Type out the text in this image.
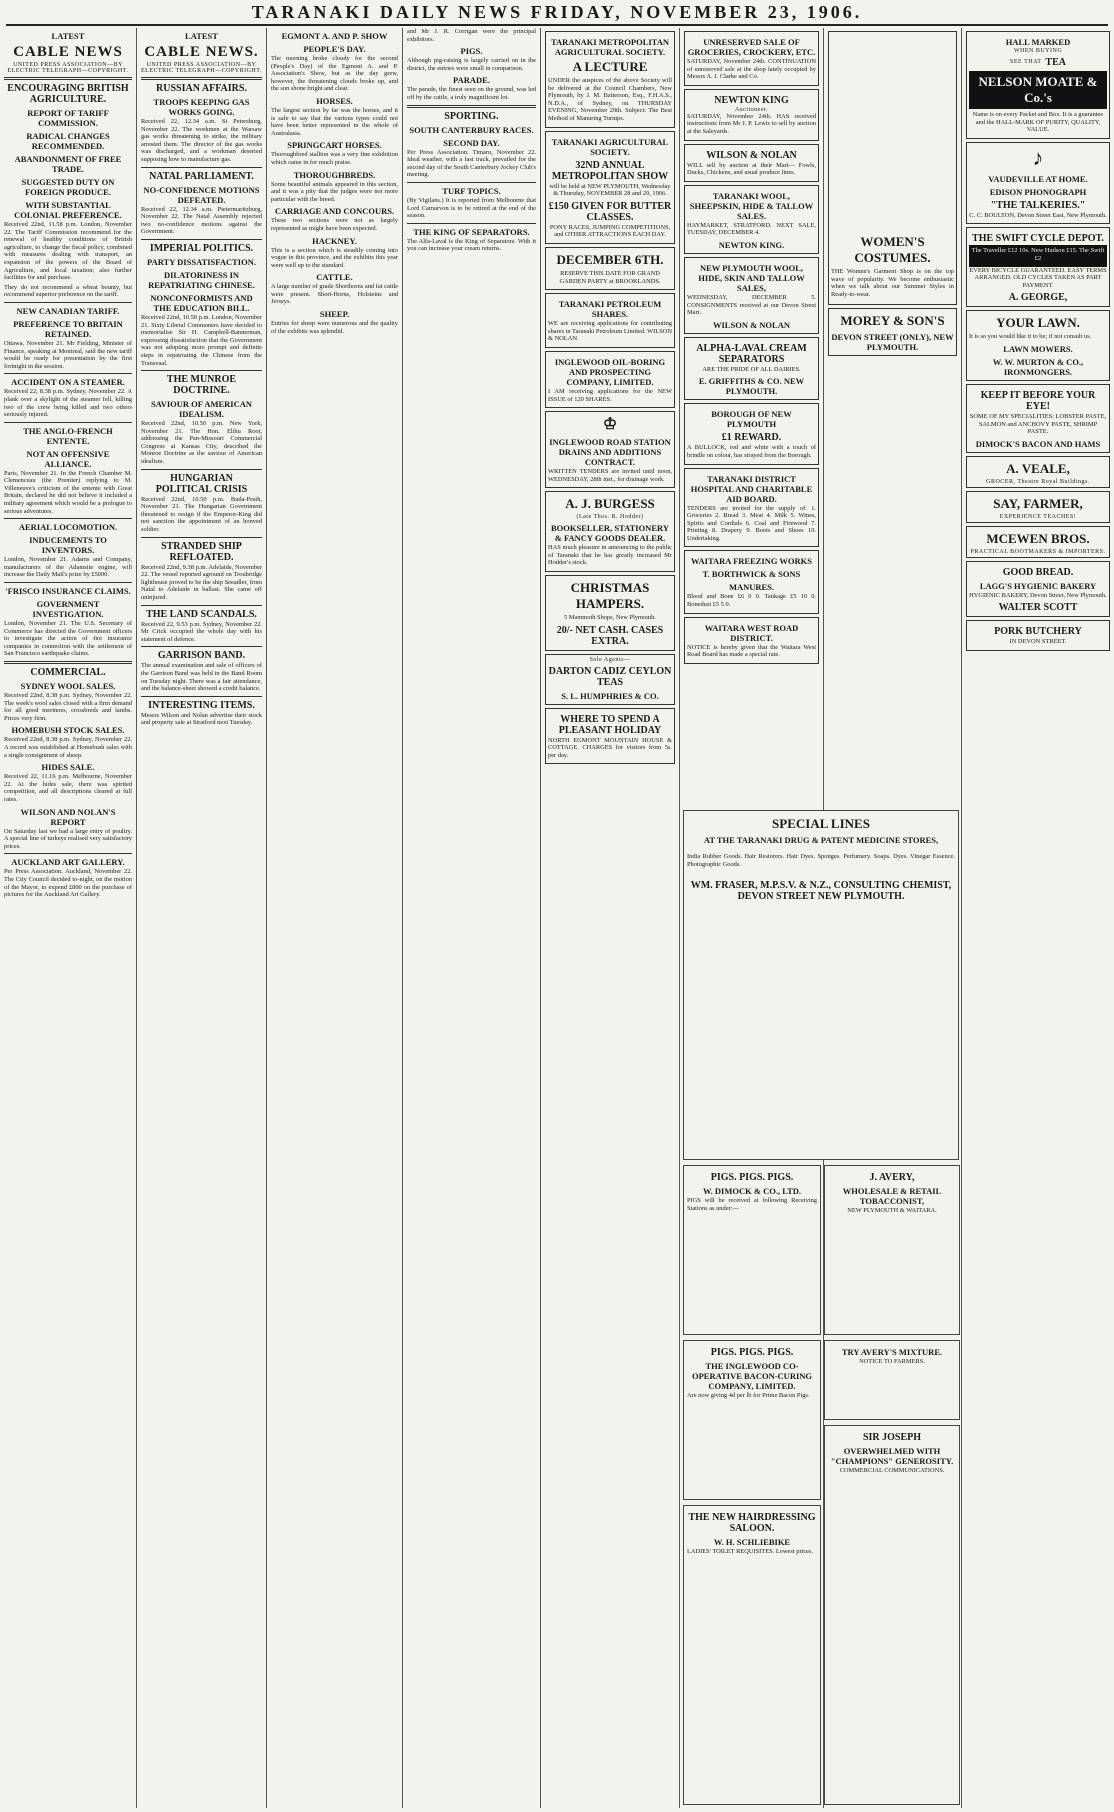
TARANAKI DAILY NEWS FRIDAY, NOVEMBER 23, 1906.
LATEST
CABLE NEWS
UNITED PRESS ASSOCIATION—BY ELECTRIC TELEGRAPH—COPYRIGHT.
ENCOURAGING BRITISH AGRICULTURE.
REPORT OF TARIFF COMMISSION.
RADICAL CHANGES RECOMMENDED.
ABANDONMENT OF FREE TRADE.
SUGGESTED DUTY ON FOREIGN PRODUCE.
WITH SUBSTANTIAL COLONIAL PREFERENCE.

Received 22nd, 11.58 p.m. London, November 22. The Tariff Commission recommend for the renewal of healthy conditions of British agriculture, to change the fiscal policy, combined with measures dealing with transport, an expansion of the powers of the Board of Agriculture, and local taxation; also further facilities for and purchase.

They do not recommend a wheat bounty, but recommend superior preference on the tariff.

NEW CANADIAN TARIFF.
PREFERENCE TO BRITAIN RETAINED.

Ottawa, November 21. Mr Fielding, Minister of Finance, speaking at Montreal, said the new tariff would be ready for presentation by the first fortnight in the session.

ACCIDENT ON A STEAMER.

Received 22, 8.38 p.m. Sydney, November 22. A plank over a skylight of the steamer fell, killing two of the crew being killed and two others seriously injured.

THE ANGLO-FRENCH ENTENTE.
NOT AN OFFENSIVE ALLIANCE.

Paris, November 21. In the French Chamber M. Clemenceau (the Premier) replying to M. Villeneuve's criticism of the entente with Great Britain, declared he did not believe it included a military agreement which would be a prologue to serious adventures.

AERIAL LOCOMOTION.
INDUCEMENTS TO INVENTORS.

London, November 21. Adams and Company, manufacturers of the Adamsite engine, will increase the Daily Mail's prize by £5000.

'FRISCO INSURANCE CLAIMS.
GOVERNMENT INVESTIGATION.

London, November 21. The U.S. Secretary of Commerce has directed the Government officers to investigate the action of fire insurance companies in connection with the settlement of San Francisco earthquake claims.

COMMERCIAL.
SYDNEY WOOL SALES.

Received 22nd, 8.38 p.m. Sydney, November 22. The week's wool sales closed with a firm demand for all good merinoes, crossbreds and lambs. Prices very firm.

HOMEBUSH STOCK SALES.

Received 22nd, 8.38 p.m. Sydney, November 22. A record was established at Homebush sales with a single consignment of sheep.

HIDES SALE.

Received 22, 11.16 p.m. Melbourne, November 22. At the hides sale, there was spirited competition, and all descriptions cleared at full rates.

WILSON AND NOLAN'S REPORT

On Saturday last we had a large entry of poultry. A special line of turkeys realised very satisfactory prices.

AUCKLAND ART GALLERY.

Per Press Association. Auckland, November 22. The City Council decided to-night, on the motion of the Mayor, to expend £800 on the purchase of pictures for the Auckland Art Gallery.

LATEST
CABLE NEWS.
UNITED PRESS ASSOCIATION—BY ELECTRIC TELEGRAPH—COPYRIGHT.
RUSSIAN AFFAIRS.
TROOPS KEEPING GAS WORKS GOING.

Received 22, 12.34 a.m. St Petersburg, November 22. The workmen at the Warsaw gas works threatening to strike, the military arrested them. The director of the gas works was discharged, and a workman deserted supposing how to manufacture gas.

NATAL PARLIAMENT.
NO-CONFIDENCE MOTIONS DEFEATED.

Received 22, 12.34 a.m. Pietermaritzburg, November 22. The Natal Assembly rejected two no-confidence motions against the Government.

IMPERIAL POLITICS.
PARTY DISSATISFACTION.
DILATORINESS IN REPATRIATING CHINESE.
NONCONFORMISTS AND THE EDUCATION BILL.

Received 22nd, 10.50 p.m. London, November 21. Sixty Liberal Commoners have decided to memorialise Sir H. Campbell-Bannerman, expressing dissatisfaction that the Government was not adopting more prompt and definite steps in repatriating the Chinese from the Transvaal.

THE MUNROE DOCTRINE.
SAVIOUR OF AMERICAN IDEALISM.

Received 22nd, 10.50 p.m. New York, November 21. The Hon. Elihu Root, addressing the Pan-Missouri Commercial Congress at Kansas City, described the Monroe Doctrine as the saviour of American idealism.

HUNGARIAN POLITICAL CRISIS

Received 22nd, 10.50 p.m. Buda-Pesth, November 21. The Hungarian Government threatened to resign if the Emperor-King did not sanction the appointment of an honved soldier.

STRANDED SHIP REFLOATED.

Received 22nd, 9.38 p.m. Adelaide, November 22. The vessel reported aground on Troubridge lighthouse proved to be the ship Seeadler, from Natal to Adelaide in ballast. She came off uninjured.

THE LAND SCANDALS.

Received 22, 9.53 p.m. Sydney, November 22. Mr Crick occupied the whole day with his statement of defence.

GARRISON BAND.

The annual examination and sale of officers of the Garrison Band was held in the Band Room on Tuesday night. There was a fair attendance, and the balance-sheet showed a credit balance.

INTERESTING ITEMS.

Messrs Wilson and Nolan advertise their stock and property sale at Stratford next Tuesday.

EGMONT A. AND P. SHOW
PEOPLE'S DAY.

The morning broke cloudy for the second (People's Day) of the Egmont A. and P. Association's Show, but as the day grew, however, the threatening clouds broke up, and the sun shone bright and clear.

HORSES.

The largest section by far was the horses, and it is safe to say that the various types could not have been better represented in the whole of Australasia.

SPRINGCART HORSES.

Thoroughbred stallion was a very fine exhibition which came in for much praise.

THOROUGHBREDS.

Some beautiful animals appeared in this section, and it was a pity that the judges were not more particular with the breed.

CARRIAGE AND CONCOURS.

These two sections were not as largely represented as might have been expected.

HACKNEY.

This is a section which is steadily coming into vogue in this province, and the exhibits this year were well up to the standard.

CATTLE.

A large number of grade Shorthorns and fat cattle were present. Short-Horns, Holsteins and Jerseys.

SHEEP.

Entries for sheep were numerous and the quality of the exhibits was splendid.

and Mr J. R. Corrigan were the principal exhibitors.

PIGS.

Although pig-raising is largely carried on in the district, the entries were small in comparison.

PARADE.

The parade, the finest seen on the ground, was led off by the cattle, a truly magnificent lot.

SPORTING.
SOUTH CANTERBURY RACES.
SECOND DAY.

Per Press Association. Timaru, November 22. Ideal weather, with a fast track, prevailed for the second day of the South Canterbury Jockey Club's meeting.

TURF TOPICS.

(By Vigilans.) It is reported from Melbourne that Lord Carnarvon is to be retired at the end of the season.

THE KING OF SEPARATORS.

The Alfa-Laval is the King of Separators. With it you can increase your cream returns.

TARANAKI METROPOLITAN AGRICULTURAL SOCIETY.
A LECTURE

UNDER the auspices of the above Society will be delivered at the Council Chambers, New Plymouth, by J. M. Batterson, Esq., F.H.A.S., N.D.A., of Sydney, on THURSDAY EVENING, November 29th. Subject: The Best Method of Manuring Turnips.

TARANAKI AGRICULTURAL SOCIETY.
32ND ANNUAL METROPOLITAN SHOW

will be held at NEW PLYMOUTH, Wednesday & Thursday, NOVEMBER 28 and 29, 1906.

£150 GIVEN FOR BUTTER CLASSES.

PONY RACES, JUMPING COMPETITIONS, and OTHER ATTRACTIONS EACH DAY.

DECEMBER 6TH.

RESERVE THIS DATE FOR GRAND GARDEN PARTY at BROOKLANDS.

TARANAKI PETROLEUM SHARES.

WE are receiving applications for contributing shares in Taranaki Petroleum Limited. WILSON & NOLAN.

INGLEWOOD OIL-BORING AND PROSPECTING COMPANY, LIMITED.

I AM receiving applications for the NEW ISSUE of 120 SHARES.

♔
INGLEWOOD ROAD STATION DRAINS AND ADDITIONS CONTRACT.

WRITTEN TENDERS are invited until noon, WEDNESDAY, 28th inst., for drainage work.

A. J. BURGESS
(Late Thos. R. Hodder)
BOOKSELLER, STATIONERY & FANCY GOODS DEALER.

HAS much pleasure in announcing to the public of Taranaki that he has greatly increased Mr Hodder's stock.

CHRISTMAS HAMPERS.

5 Mammoth Shops, New Plymouth.

20/- NET CASH. CASES EXTRA.
Sole Agents—
DARTON CADIZ CEYLON TEAS
S. L. HUMPHRIES & CO.
WHERE TO SPEND A PLEASANT HOLIDAY

NORTH EGMONT MOUNTAIN HOUSE & COTTAGE. CHARGES for visitors from 5s. per day.

UNRESERVED SALE OF GROCERIES, CROCKERY, ETC.

SATURDAY, November 24th. CONTINUATION of unreserved sale at the shop lately occupied by Messrs A. J. Clarke and Co.

NEWTON KING
Auctioneer.

SATURDAY, November 24th. HAS received instructions from Mr J. P. Lewis to sell by auction at the Saleyards.

WILSON & NOLAN

WILL sell by auction at their Mart— Fowls, Ducks, Chickens, and usual produce lines.

TARANAKI WOOL, SHEEPSKIN, HIDE & TALLOW SALES.

HAYMARKET, STRATFORD. NEXT SALE, TUESDAY, DECEMBER 4.

NEWTON KING.
NEW PLYMOUTH WOOL, HIDE, SKIN AND TALLOW SALES,

WEDNESDAY, DECEMBER 5. CONSIGNMENTS received at our Devon Street Mart.

WILSON & NOLAN
ALPHA-LAVAL CREAM SEPARATORS

ARE THE PRIDE OF ALL DAIRIES.

E. GRIFFITHS & CO. NEW PLYMOUTH.
BOROUGH OF NEW PLYMOUTH
£1 REWARD.

A BULLOCK, red and white with a touch of brindle on colour, has strayed from the Borough.

TARANAKI DISTRICT HOSPITAL AND CHARITABLE AID BOARD.

TENDERS are invited for the supply of: 1. Groceries 2. Bread 3. Meat 4. Milk 5. Wines, Spirits and Cordials 6. Coal and Firewood 7. Printing 8. Drapery 9. Boots and Shoes 10. Undertaking.

WAITARA FREEZING WORKS
T. BORTHWICK & SONS
MANURES.

Blood and Bone £6 0 0. Tankage £5 10 0. Bonedust £5 5 0.

WAITARA WEST ROAD DISTRICT.

NOTICE is hereby given that the Waitara West Road Board has made a special rate.

WOMEN'S COSTUMES.

THE Women's Garment Shop is on the top wave of popularity. We become enthusiastic when we talk about our Summer Styles in Ready-to-wear.

MOREY & SON'S
DEVON STREET (ONLY), NEW PLYMOUTH.
SPECIAL LINES
AT THE TARANAKI DRUG & PATENT MEDICINE STORES,

India Rubber Goods. Hair Restorers. Hair Dyes. Sponges. Perfumery. Soaps. Dyes. Vinegar Essence. Photographic Goods.

WM. FRASER, M.P.S.V. & N.Z., CONSULTING CHEMIST, DEVON STREET NEW PLYMOUTH.
PIGS. PIGS. PIGS.
W. DIMOCK & CO., LTD.

PIGS will be received at following Receiving Stations as under:—

PIGS. PIGS. PIGS.
THE INGLEWOOD CO-OPERATIVE BACON-CURING COMPANY, LIMITED.

Are now giving 4d per lb for Prime Bacon Pigs.

THE NEW HAIRDRESSING SALOON.
W. H. SCHLIEBIKE

LADIES' TOILET REQUISITES. Lowest prices.

J. AVERY,
WHOLESALE & RETAIL TOBACCONIST,

NEW PLYMOUTH & WAITARA.

TRY AVERY'S MIXTURE.

NOTICE TO FARMERS.

SIR JOSEPH
OVERWHELMED WITH "CHAMPIONS" GENEROSITY.

COMMERCIAL COMMUNICATIONS.

HALL MARKED
WHEN BUYING
SEE THAT TEA
NELSON MOATE & Co.'s

Name is on every Packet and Box. It is a guarantee and the HALL-MARK OF PURITY, QUALITY, VALUE.

♪
VAUDEVILLE AT HOME.
EDISON PHONOGRAPH
"THE TALKERIES."

C. C. BOULTON, Devon Street East, New Plymouth.

THE SWIFT CYCLE DEPOT.

The Traveller £12 10s. New Hudson £15. The Swift £2

EVERY BICYCLE GUARANTEED. EASY TERMS ARRANGED. OLD CYCLES TAKEN AS PART PAYMENT.

A. GEORGE,
YOUR LAWN.

It is so you would like it to be; if not consult us.

LAWN MOWERS.
W. W. MURTON & CO., IRONMONGERS.
KEEP IT BEFORE YOUR EYE!

SOME OF MY SPECIALITIES: LOBSTER PASTE, SALMON and ANCHOVY PASTE, SHRIMP PASTE.

DIMOCK'S BACON AND HAMS
A. VEALE,
GROCER, Theatre Royal Buildings.
SAY, FARMER,
EXPERIENCE TEACHES!
MCEWEN BROS.
PRACTICAL BOOTMAKERS & IMPORTERS.
GOOD BREAD.
LAGG'S HYGIENIC BAKERY

HYGIENIC BAKERY, Devon Street, New Plymouth.

WALTER SCOTT
PORK BUTCHERY

IN DEVON STREET.
